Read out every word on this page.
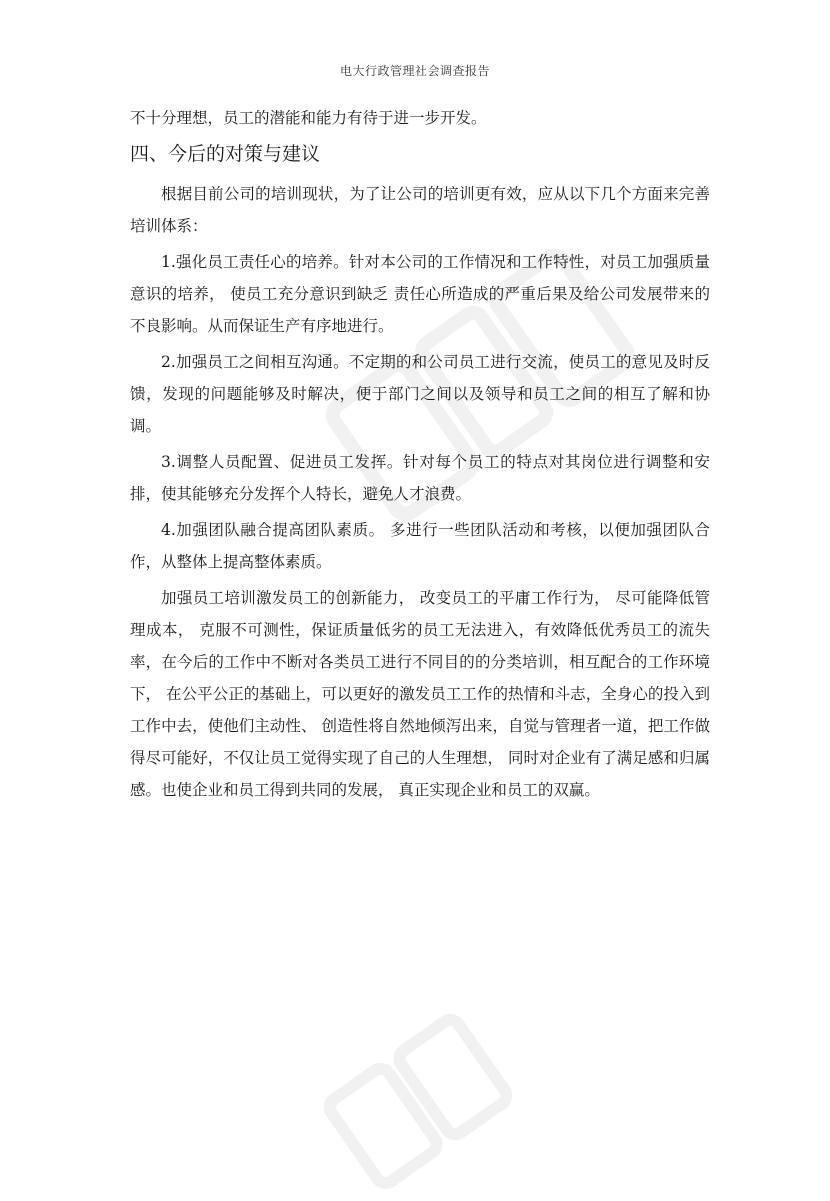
电大行政管理社会调查报告

不十分理想，员工的潜能和能力有待于进一步开发。

四、今后的对策与建议

根据目前公司的培训现状，为了让公司的培训更有效，应从以下几个方面来完善培训体系：

1.强化员工责任心的培养。针对本公司的工作情况和工作特性，对员工加强质量意识的培养， 使员工充分意识到缺乏 责任心所造成的严重后果及给公司发展带来的不良影响。从而保证生产有序地进行。

2.加强员工之间相互沟通。不定期的和公司员工进行交流，使员工的意见及时反馈，发现的问题能够及时解决，便于部门之间以及领导和员工之间的相互了解和协调。

3.调整人员配置、促进员工发挥。针对每个员工的特点对其岗位进行调整和安排，使其能够充分发挥个人特长，避免人才浪费。

4.加强团队融合提高团队素质。 多进行一些团队活动和考核，以便加强团队合作，从整体上提高整体素质。

加强员工培训激发员工的创新能力， 改变员工的平庸工作行为， 尽可能降低管理成本， 克服不可测性，保证质量低劣的员工无法进入，有效降低优秀员工的流失率，在今后的工作中不断对各类员工进行不同目的的分类培训，相互配合的工作环境下， 在公平公正的基础上，可以更好的激发员工工作的热情和斗志，全身心的投入到工作中去，使他们主动性、 创造性将自然地倾泻出来，自觉与管理者一道，把工作做得尽可能好，不仅让员工觉得实现了自己的人生理想， 同时对企业有了满足感和归属感。也使企业和员工得到共同的发展， 真正实现企业和员工的双赢。
